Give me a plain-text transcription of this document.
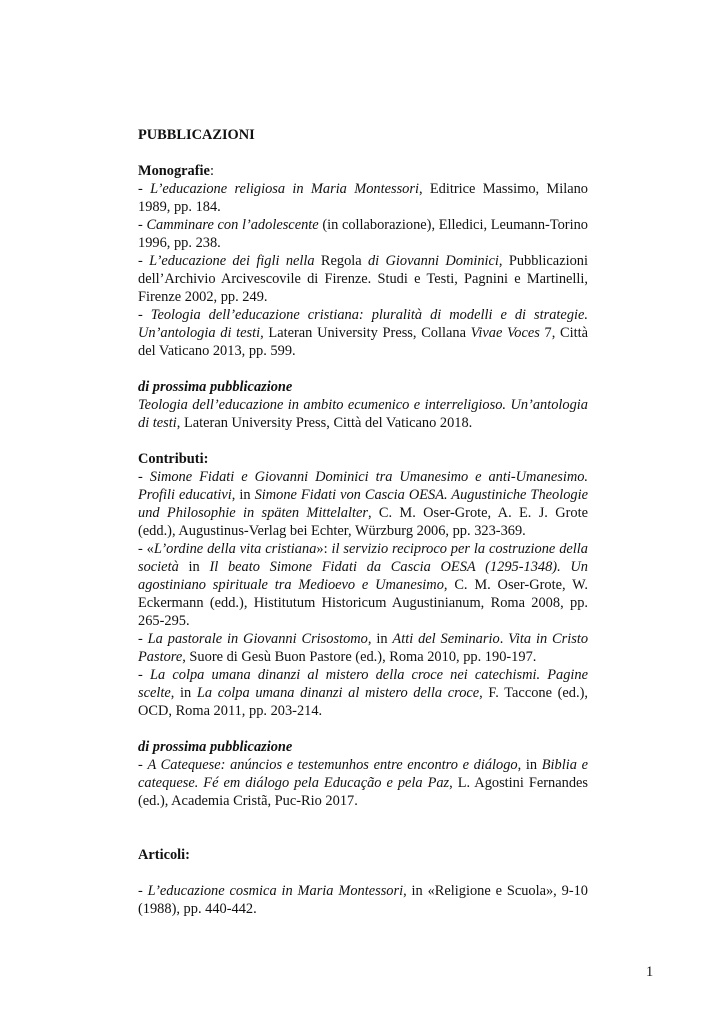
PUBBLICAZIONI

Monografie:

- L’educazione religiosa in Maria Montessori, Editrice Massimo, Milano 1989, pp. 184.

- Camminare con l’adolescente (in collaborazione), Elledici, Leumann-Torino 1996, pp. 238.

- L’educazione dei figli nella Regola di Giovanni Dominici, Pubblicazioni dell’Archivio Arcivescovile di Firenze. Studi e Testi, Pagnini e Martinelli, Firenze 2002, pp. 249.

- Teologia dell’educazione cristiana: pluralità di modelli e di strategie. Un’antologia di testi, Lateran University Press, Collana Vivae Voces 7, Città del Vaticano 2013, pp. 599.

di prossima pubblicazione

Teologia dell’educazione in ambito ecumenico e interreligioso. Un’antologia di testi, Lateran University Press, Città del Vaticano 2018.

Contributi:

- Simone Fidati e Giovanni Dominici tra Umanesimo e anti-Umanesimo. Profili educativi, in Simone Fidati von Cascia OESA. Augustiniche Theologie und Philosophie in späten Mittelalter, C. M. Oser-Grote, A. E. J. Grote (edd.), Augustinus-Verlag bei Echter, Würzburg 2006, pp. 323-369.

- «L’ordine della vita cristiana»: il servizio reciproco per la costruzione della società in Il beato Simone Fidati da Cascia OESA (1295-1348). Un agostiniano spirituale tra Medioevo e Umanesimo, C. M. Oser-Grote, W. Eckermann (edd.), Histitutum Historicum Augustinianum, Roma 2008, pp. 265-295.

- La pastorale in Giovanni Crisostomo, in Atti del Seminario. Vita in Cristo Pastore, Suore di Gesù Buon Pastore (ed.), Roma 2010, pp. 190-197.

- La colpa umana dinanzi al mistero della croce nei catechismi. Pagine scelte, in La colpa umana dinanzi al mistero della croce, F. Taccone (ed.), OCD, Roma 2011, pp. 203-214.

di prossima pubblicazione

- A Catequese: anúncios e testemunhos entre encontro e diálogo, in Biblia e catequese. Fé em diálogo pela Educação e pela Paz, L. Agostini Fernandes (ed.), Academia Cristã, Puc-Rio 2017.

Articoli:

- L’educazione cosmica in Maria Montessori, in «Religione e Scuola», 9-10 (1988), pp. 440-442.

1
